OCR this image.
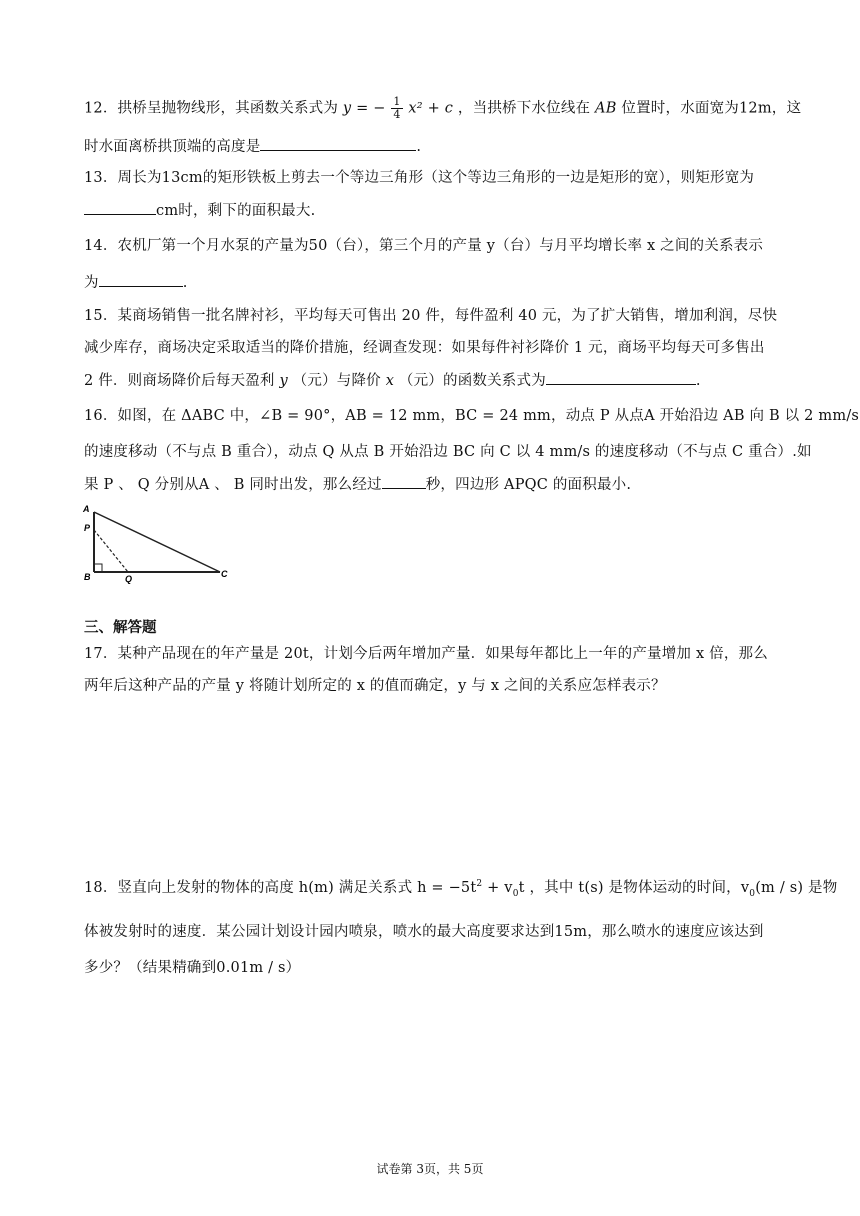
12．拱桥呈抛物线形，其函数关系式为 y = − $\frac{1}{4} x^2 + c$ ，当拱桥下水位线在 AB 位置时，水面宽为12m，这
时水面离桥拱顶端的高度是	.
13．周长为13cm的矩形铁板上剪去一个等边三角形（这个等边三角形的一边是矩形的宽），则矩形宽为
cm时，剩下的面积最大.
14．农机厂第一个月水泵的产量为50（台），第三个月的产量 y（台）与月平均增长率 x 之间的关系表示
为	.
15．某商场销售一批名牌衬衫，平均每天可售出 20 件，每件盈利 40 元，为了扩大销售，增加利润，尽快
减少库存，商场决定采取适当的降价措施，经调查发现：如果每件衬衫降价 1 元，商场平均每天可多售出
2 件．则商场降价后每天盈利 y （元）与降价 x （元）的函数关系式为	.
16．如图，在 ΔABC 中，∠B = 90°，AB = 12 mm，BC = 24 mm，动点 P 从点A 开始沿边 AB 向 B 以 2 mm/s
的速度移动（不与点 B 重合），动点 Q 从点 B 开始沿边 BC 向 C 以 4 mm/s 的速度移动（不与点 C 重合）.如
果 P 、 Q 分别从A 、 B 同时出发，那么经过	秒，四边形 APQC 的面积最小.
A
P
B	Q	C
三、解答题
17．某种产品现在的年产量是 20t，计划今后两年增加产量．如果每年都比上一年的产量增加 x 倍，那么
两年后这种产品的产量 y 将随计划所定的 x 的值而确定，y 与 x 之间的关系应怎样表示？
18．竖直向上发射的物体的高度 h(m) 满足关系式 $h = -5t^2 + v_0t$ ，其中 t(s) 是物体运动的时间，$v_0(m / s)$ 是物
体被发射时的速度．某公园计划设计园内喷泉，喷水的最大高度要求达到15m，那么喷水的速度应该达到
多少？（结果精确到0.01m / s）
试卷第 3页，共 5页
